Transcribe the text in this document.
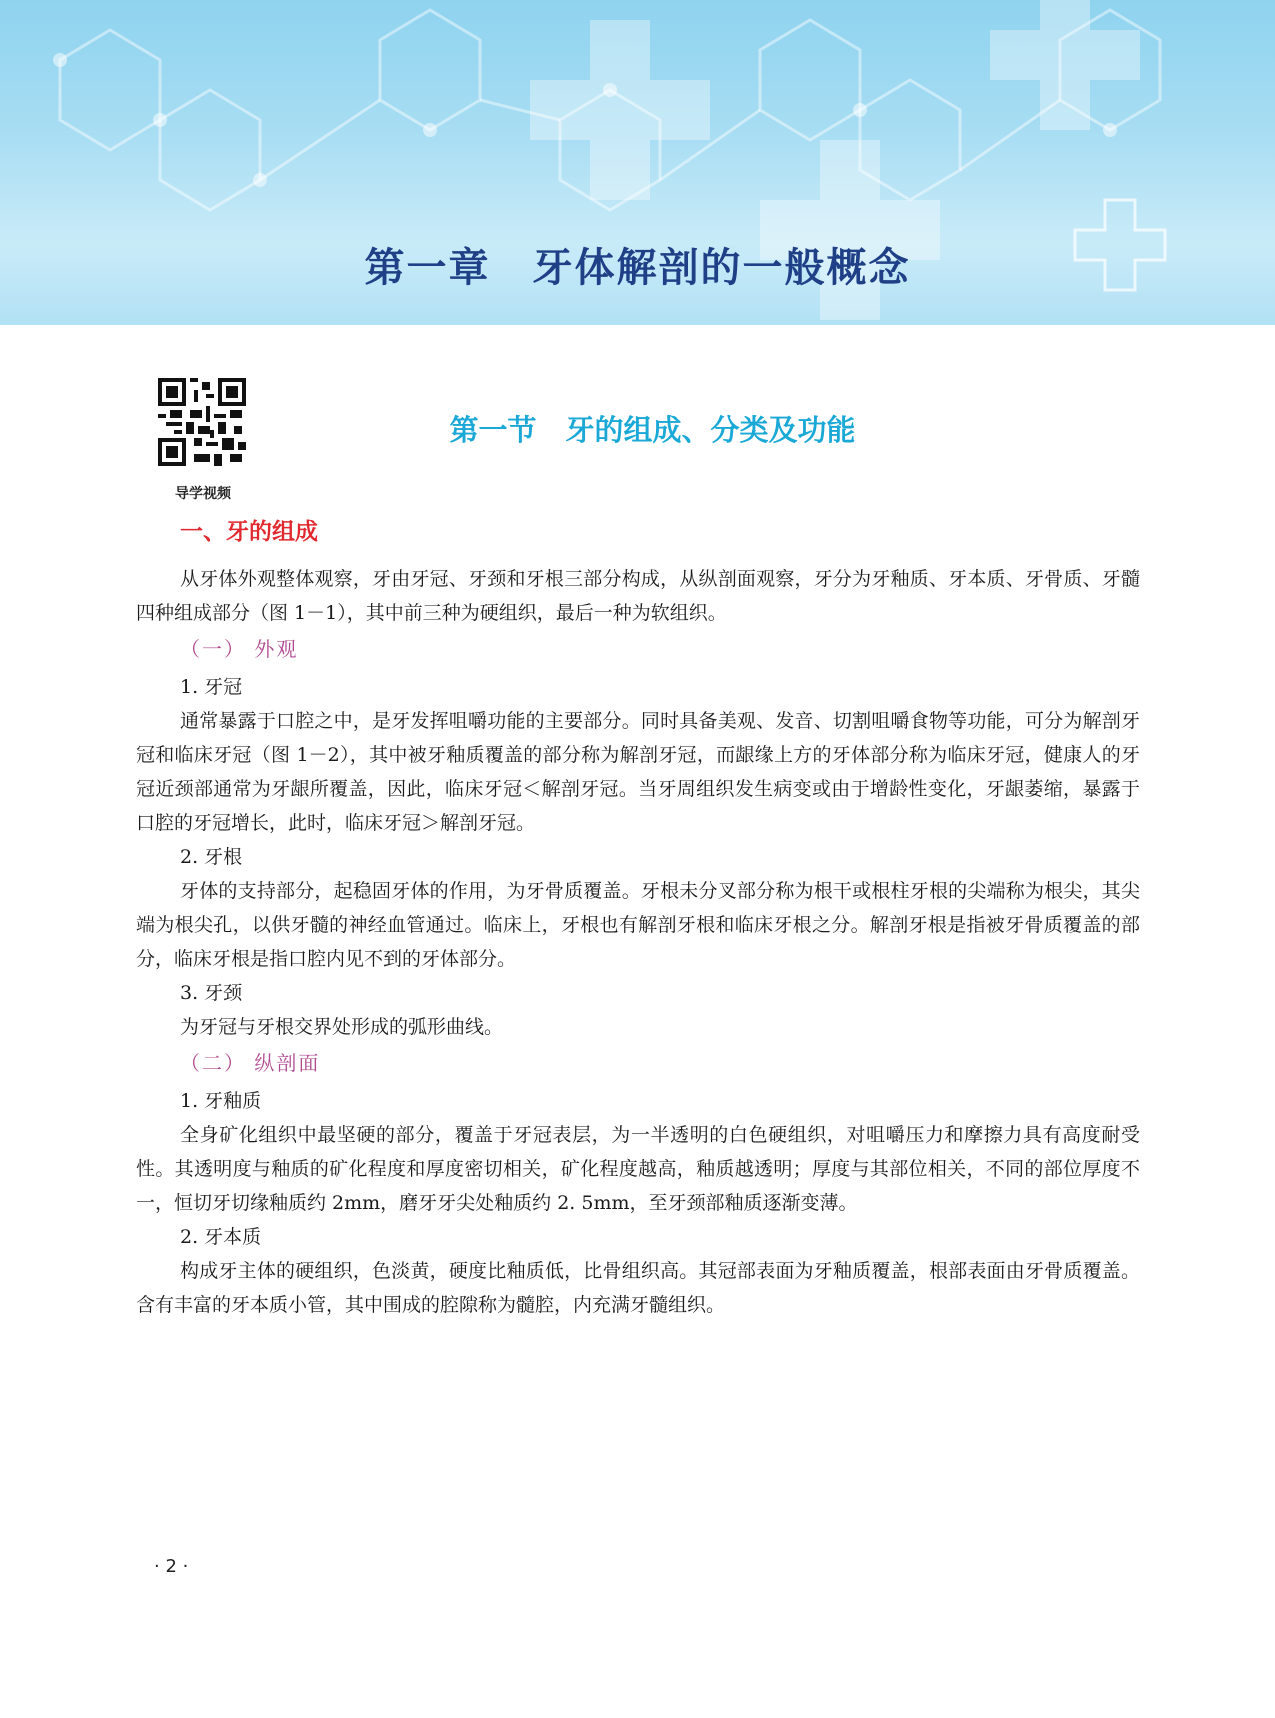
第一章　牙体解剖的一般概念
导学视频
第一节　牙的组成、分类及功能
一、牙的组成

从牙体外观整体观察，牙由牙冠、牙颈和牙根三部分构成，从纵剖面观察，牙分为牙釉质、牙本质、牙骨质、牙髓四种组成部分（图 1－1），其中前三种为硬组织，最后一种为软组织。

（一） 外观

1. 牙冠

通常暴露于口腔之中，是牙发挥咀嚼功能的主要部分。同时具备美观、发音、切割咀嚼食物等功能，可分为解剖牙冠和临床牙冠（图 1－2），其中被牙釉质覆盖的部分称为解剖牙冠，而龈缘上方的牙体部分称为临床牙冠，健康人的牙冠近颈部通常为牙龈所覆盖，因此，临床牙冠＜解剖牙冠。当牙周组织发生病变或由于增龄性变化，牙龈萎缩，暴露于口腔的牙冠增长，此时，临床牙冠＞解剖牙冠。

2. 牙根

牙体的支持部分，起稳固牙体的作用，为牙骨质覆盖。牙根未分叉部分称为根干或根柱牙根的尖端称为根尖，其尖端为根尖孔，以供牙髓的神经血管通过。临床上，牙根也有解剖牙根和临床牙根之分。解剖牙根是指被牙骨质覆盖的部分，临床牙根是指口腔内见不到的牙体部分。

3. 牙颈

为牙冠与牙根交界处形成的弧形曲线。

（二） 纵剖面

1. 牙釉质

全身矿化组织中最坚硬的部分，覆盖于牙冠表层，为一半透明的白色硬组织，对咀嚼压力和摩擦力具有高度耐受性。其透明度与釉质的矿化程度和厚度密切相关，矿化程度越高，釉质越透明；厚度与其部位相关，不同的部位厚度不一，恒切牙切缘釉质约 2mm，磨牙牙尖处釉质约 2. 5mm，至牙颈部釉质逐渐变薄。

2. 牙本质

构成牙主体的硬组织，色淡黄，硬度比釉质低，比骨组织高。其冠部表面为牙釉质覆盖，根部表面由牙骨质覆盖。含有丰富的牙本质小管，其中围成的腔隙称为髓腔，内充满牙髓组织。

· 2 ·
